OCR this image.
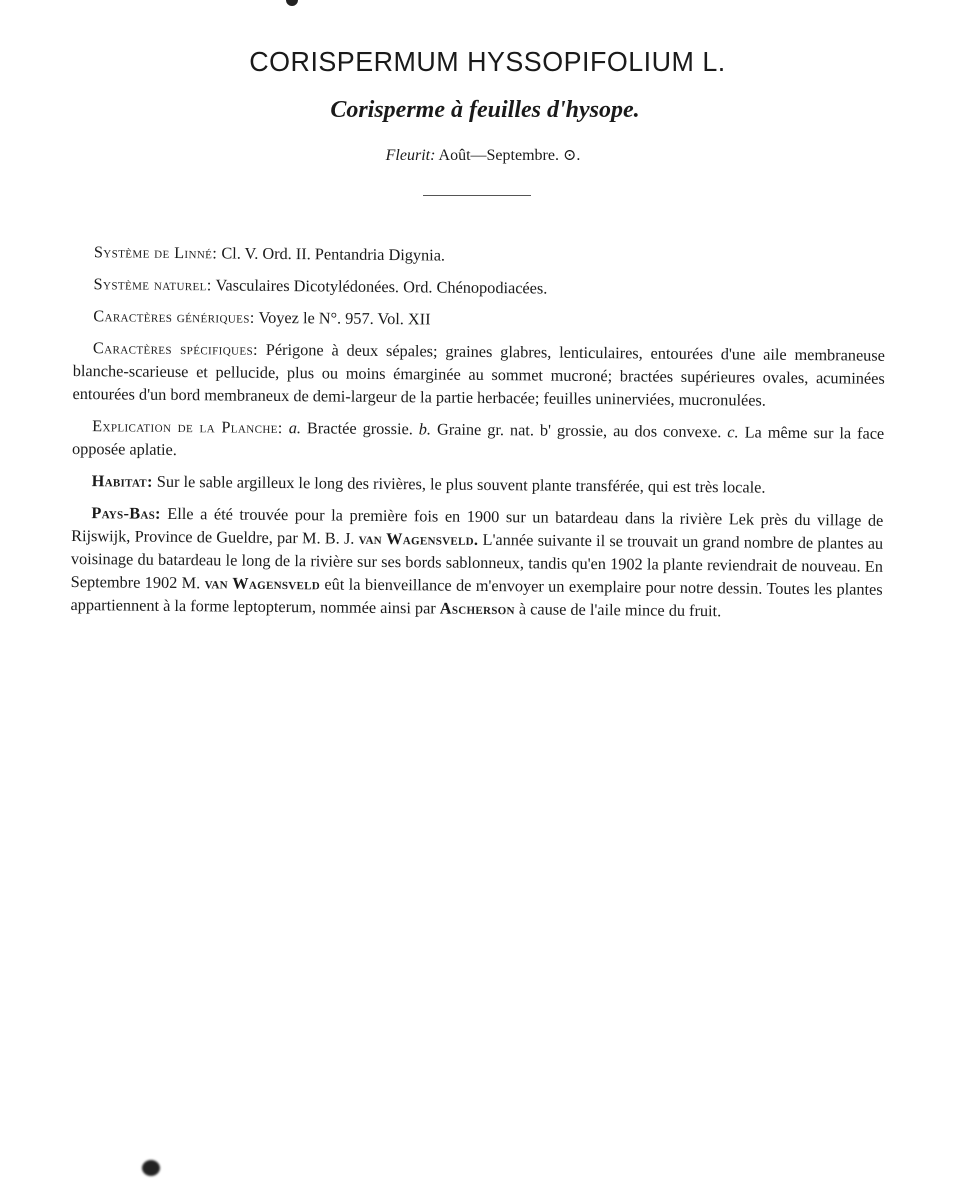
CORISPERMUM HYSSOPIFOLIUM L.
Corisperme à feuilles d'hysope.
Fleurit: Août—Septembre. ⊙.

Système de Linné: Cl. V. Ord. II. Pentandria Digynia.

Système naturel: Vasculaires Dicotylédonées. Ord. Chénopodiacées.

Caractères génériques: Voyez le N°. 957. Vol. XII

Caractères spécifiques: Périgone à deux sépales; graines glabres, lenticulaires, entourées d'une aile membraneuse blanche-scarieuse et pellucide, plus ou moins émarginée au sommet mucroné; bractées supérieures ovales, acuminées entourées d'un bord membraneux de demi-largeur de la partie herbacée; feuilles uninerviées, mucronulées.

Explication de la Planche: a. Bractée grossie. b. Graine gr. nat. b' grossie, au dos convexe. c. La même sur la face opposée aplatie.

Habitat: Sur le sable argilleux le long des rivières, le plus souvent plante transférée, qui est très locale.

Pays-Bas: Elle a été trouvée pour la première fois en 1900 sur un batardeau dans la rivière Lek près du village de Rijswijk, Province de Gueldre, par M. B. J. van Wagensveld. L'année suivante il se trouvait un grand nombre de plantes au voisinage du batardeau le long de la rivière sur ses bords sablonneux, tandis qu'en 1902 la plante reviendrait de nouveau. En Septembre 1902 M. van Wagensveld eût la bienveillance de m'envoyer un exemplaire pour notre dessin. Toutes les plantes appartiennent à la forme leptopterum, nommée ainsi par Ascherson à cause de l'aile mince du fruit.
